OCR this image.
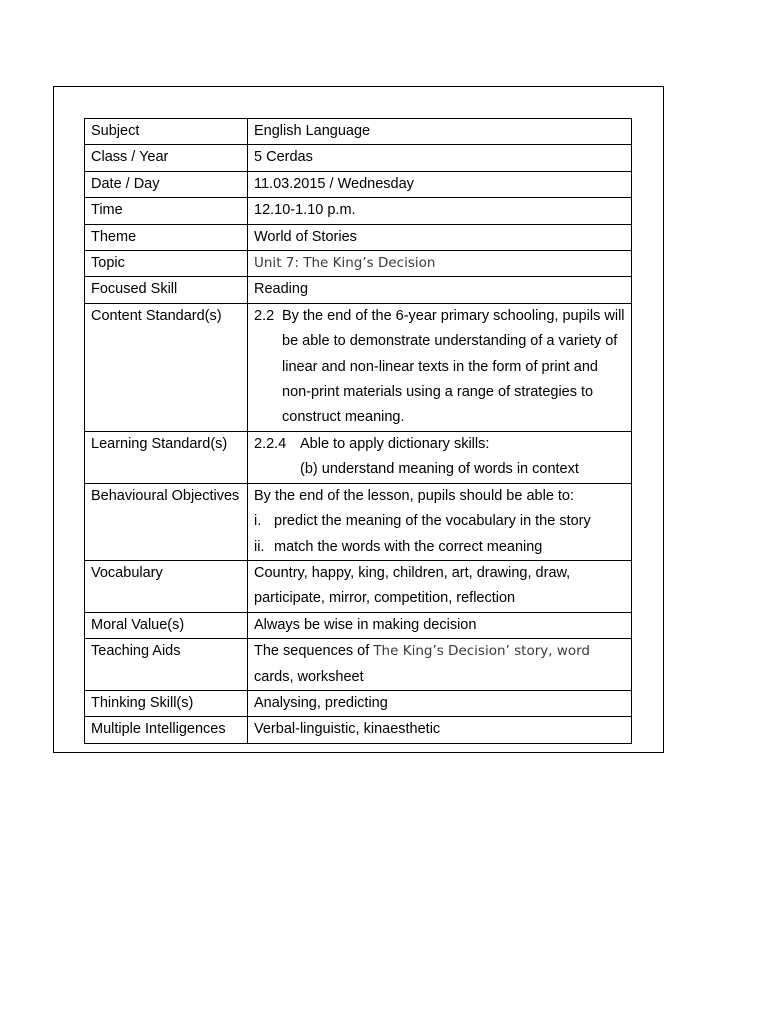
Subject	English Language
Class / Year	5 Cerdas
Date / Day	11.03.2015 / Wednesday
Time	12.10-1.10 p.m.
Theme	World of Stories
Topic	Unit 7: The King’s Decision
Focused Skill	Reading
Content Standard(s)	2.2 By the end of the 6-year primary schooling, pupils will be able to demonstrate understanding of a variety of linear and non-linear texts in the form of print and non-print materials using a range of strategies to construct meaning.

Learning Standard(s)	2.2.4 Able to apply dictionary skills:
(b) understand meaning of words in context

Behavioural Objectives	By the end of the lesson, pupils should be able to:
i. predict the meaning of the vocabulary in the story
ii. match the words with the correct meaning

Vocabulary	Country, happy, king, children, art, drawing, draw, participate, mirror, competition, reflection
Moral Value(s)	Always be wise in making decision
Teaching Aids	The sequences of The King’s Decision’ story, word
cards, worksheet
Thinking Skill(s)	Analysing, predicting
Multiple Intelligences	Verbal-linguistic, kinaesthetic
